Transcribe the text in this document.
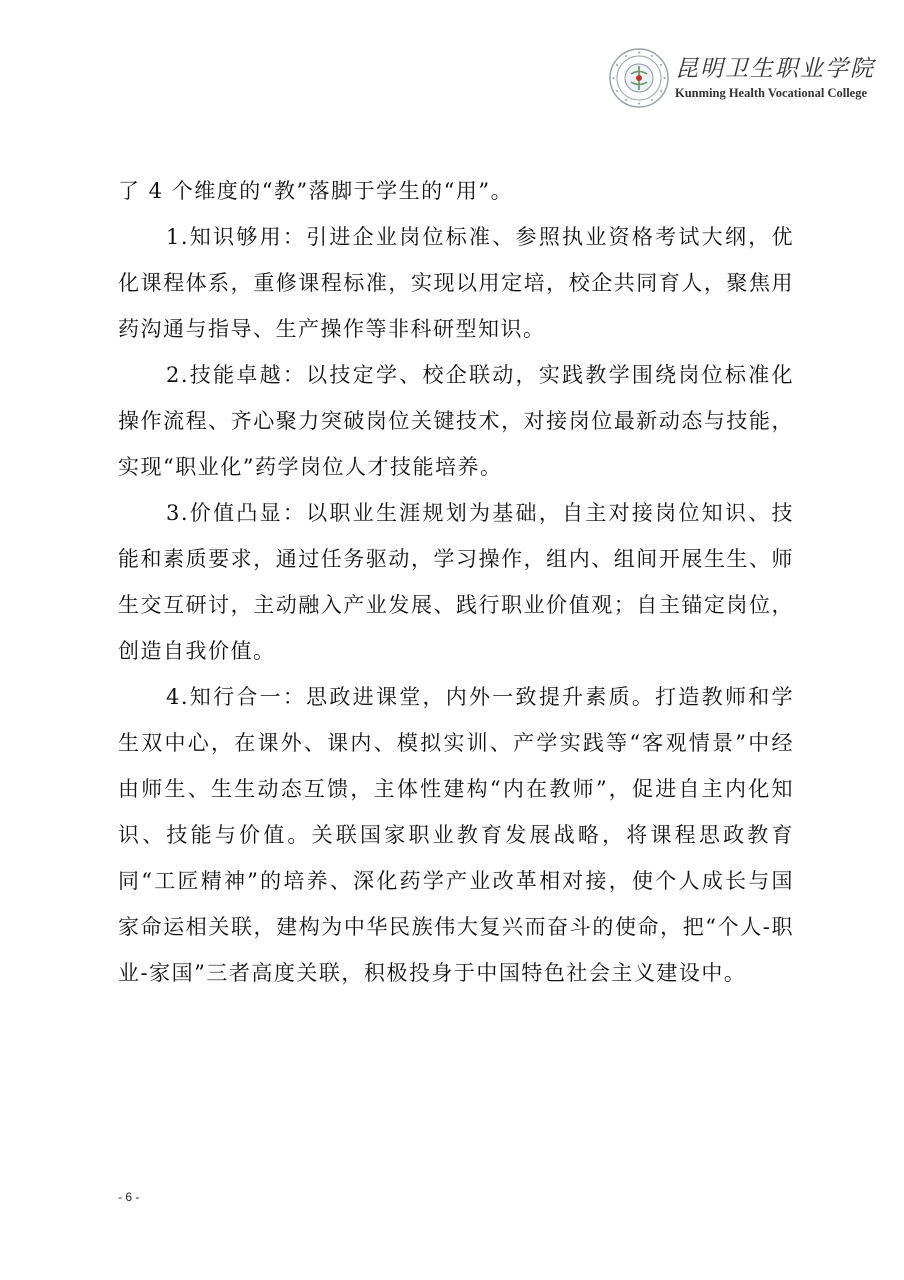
昆明卫生职业学院
Kunming Health Vocational College

了 4 个维度的“教”落脚于学生的“用”。

1.知识够用：引进企业岗位标准、参照执业资格考试大纲，优化课程体系，重修课程标准，实现以用定培，校企共同育人，聚焦用药沟通与指导、生产操作等非科研型知识。

2.技能卓越：以技定学、校企联动，实践教学围绕岗位标准化操作流程、齐心聚力突破岗位关键技术，对接岗位最新动态与技能，实现“职业化”药学岗位人才技能培养。

3.价值凸显：以职业生涯规划为基础，自主对接岗位知识、技能和素质要求，通过任务驱动，学习操作，组内、组间开展生生、师生交互研讨，主动融入产业发展、践行职业价值观；自主锚定岗位，创造自我价值。

4.知行合一：思政进课堂，内外一致提升素质。打造教师和学生双中心，在课外、课内、模拟实训、产学实践等“客观情景”中经由师生、生生动态互馈，主体性建构“内在教师”，促进自主内化知识、技能与价值。关联国家职业教育发展战略，将课程思政教育同“工匠精神”的培养、深化药学产业改革相对接，使个人成长与国家命运相关联，建构为中华民族伟大复兴而奋斗的使命，把“个人-职业-家国”三者高度关联，积极投身于中国特色社会主义建设中。

- 6 -
